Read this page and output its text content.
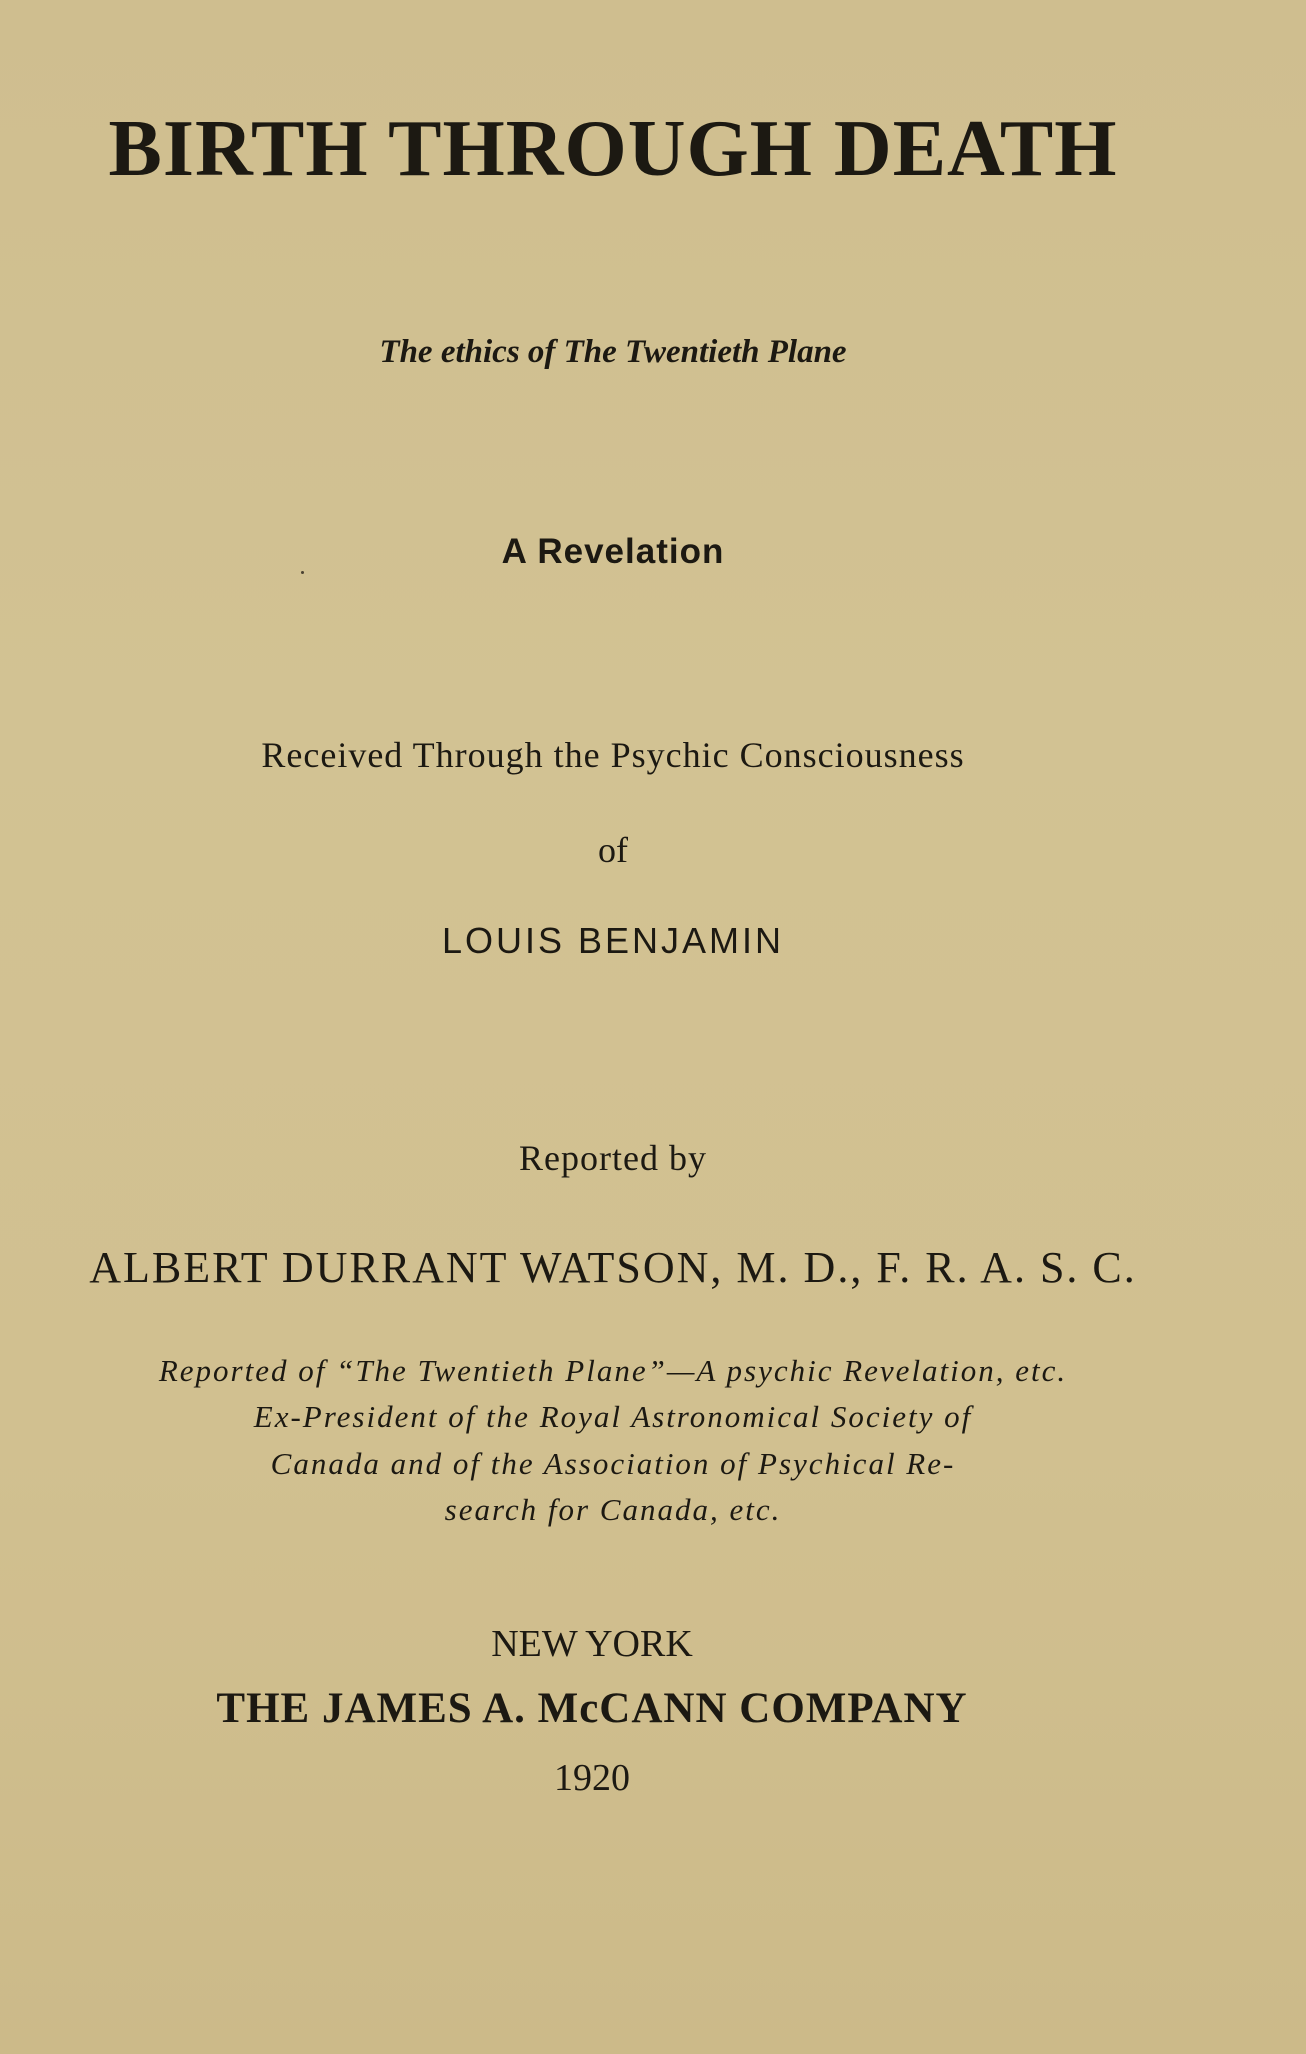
BIRTH THROUGH DEATH
The ethics of The Twentieth Plane
A Revelation
Received Through the Psychic Consciousness
of
LOUIS BENJAMIN
Reported by
ALBERT DURRANT WATSON, M. D., F. R. A. S. C.
Reported of “The Twentieth Plane”—A psychic Revelation, etc.
Ex-President of the Royal Astronomical Society of
Canada and of the Association of Psychical Re-
search for Canada, etc.
NEW YORK
THE JAMES A. McCANN COMPANY
1920
